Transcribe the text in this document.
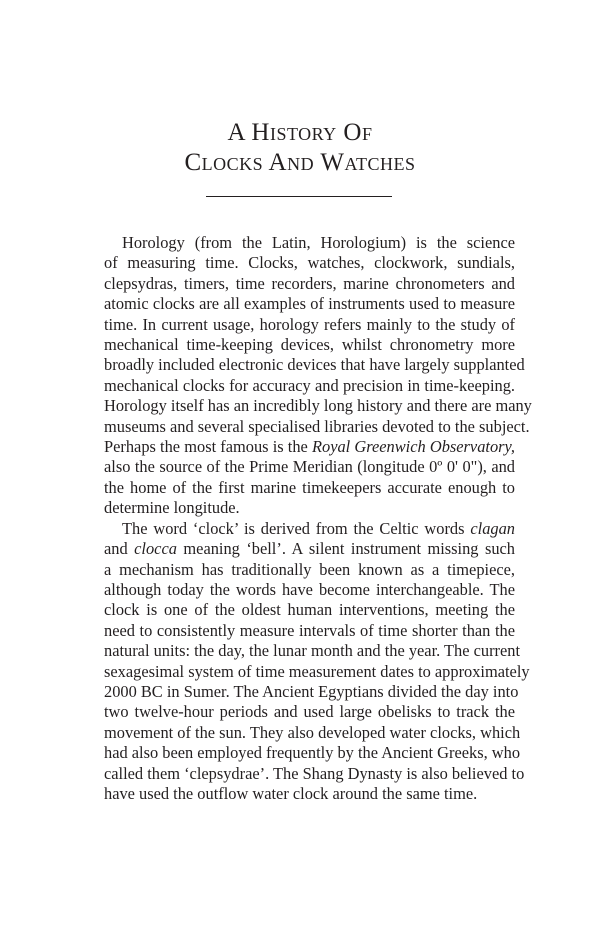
A History Of
Clocks And Watches

Horology (from the Latin, Horologium) is the science
of measuring time. Clocks, watches, clockwork, sundials,
clepsydras, timers, time recorders, marine chronometers and
atomic clocks are all examples of instruments used to measure
time. In current usage, horology refers mainly to the study of
mechanical time-keeping devices, whilst chronometry more
broadly included electronic devices that have largely supplanted
mechanical clocks for accuracy and precision in time-keeping.
Horology itself has an incredibly long history and there are many
museums and several specialised libraries devoted to the subject.
Perhaps the most famous is the Royal Greenwich Observatory,
also the source of the Prime Meridian (longitude 0º 0' 0"), and
the home of the first marine timekeepers accurate enough to
determine longitude.

The word ‘clock’ is derived from the Celtic words clagan
and clocca meaning ‘bell’. A silent instrument missing such
a mechanism has traditionally been known as a timepiece,
although today the words have become interchangeable. The
clock is one of the oldest human interventions, meeting the
need to consistently measure intervals of time shorter than the
natural units: the day, the lunar month and the year. The current
sexagesimal system of time measurement dates to approximately
2000 BC in Sumer. The Ancient Egyptians divided the day into
two twelve-hour periods and used large obelisks to track the
movement of the sun. They also developed water clocks, which
had also been employed frequently by the Ancient Greeks, who
called them ‘clepsydrae’. The Shang Dynasty is also believed to
have used the outflow water clock around the same time.
